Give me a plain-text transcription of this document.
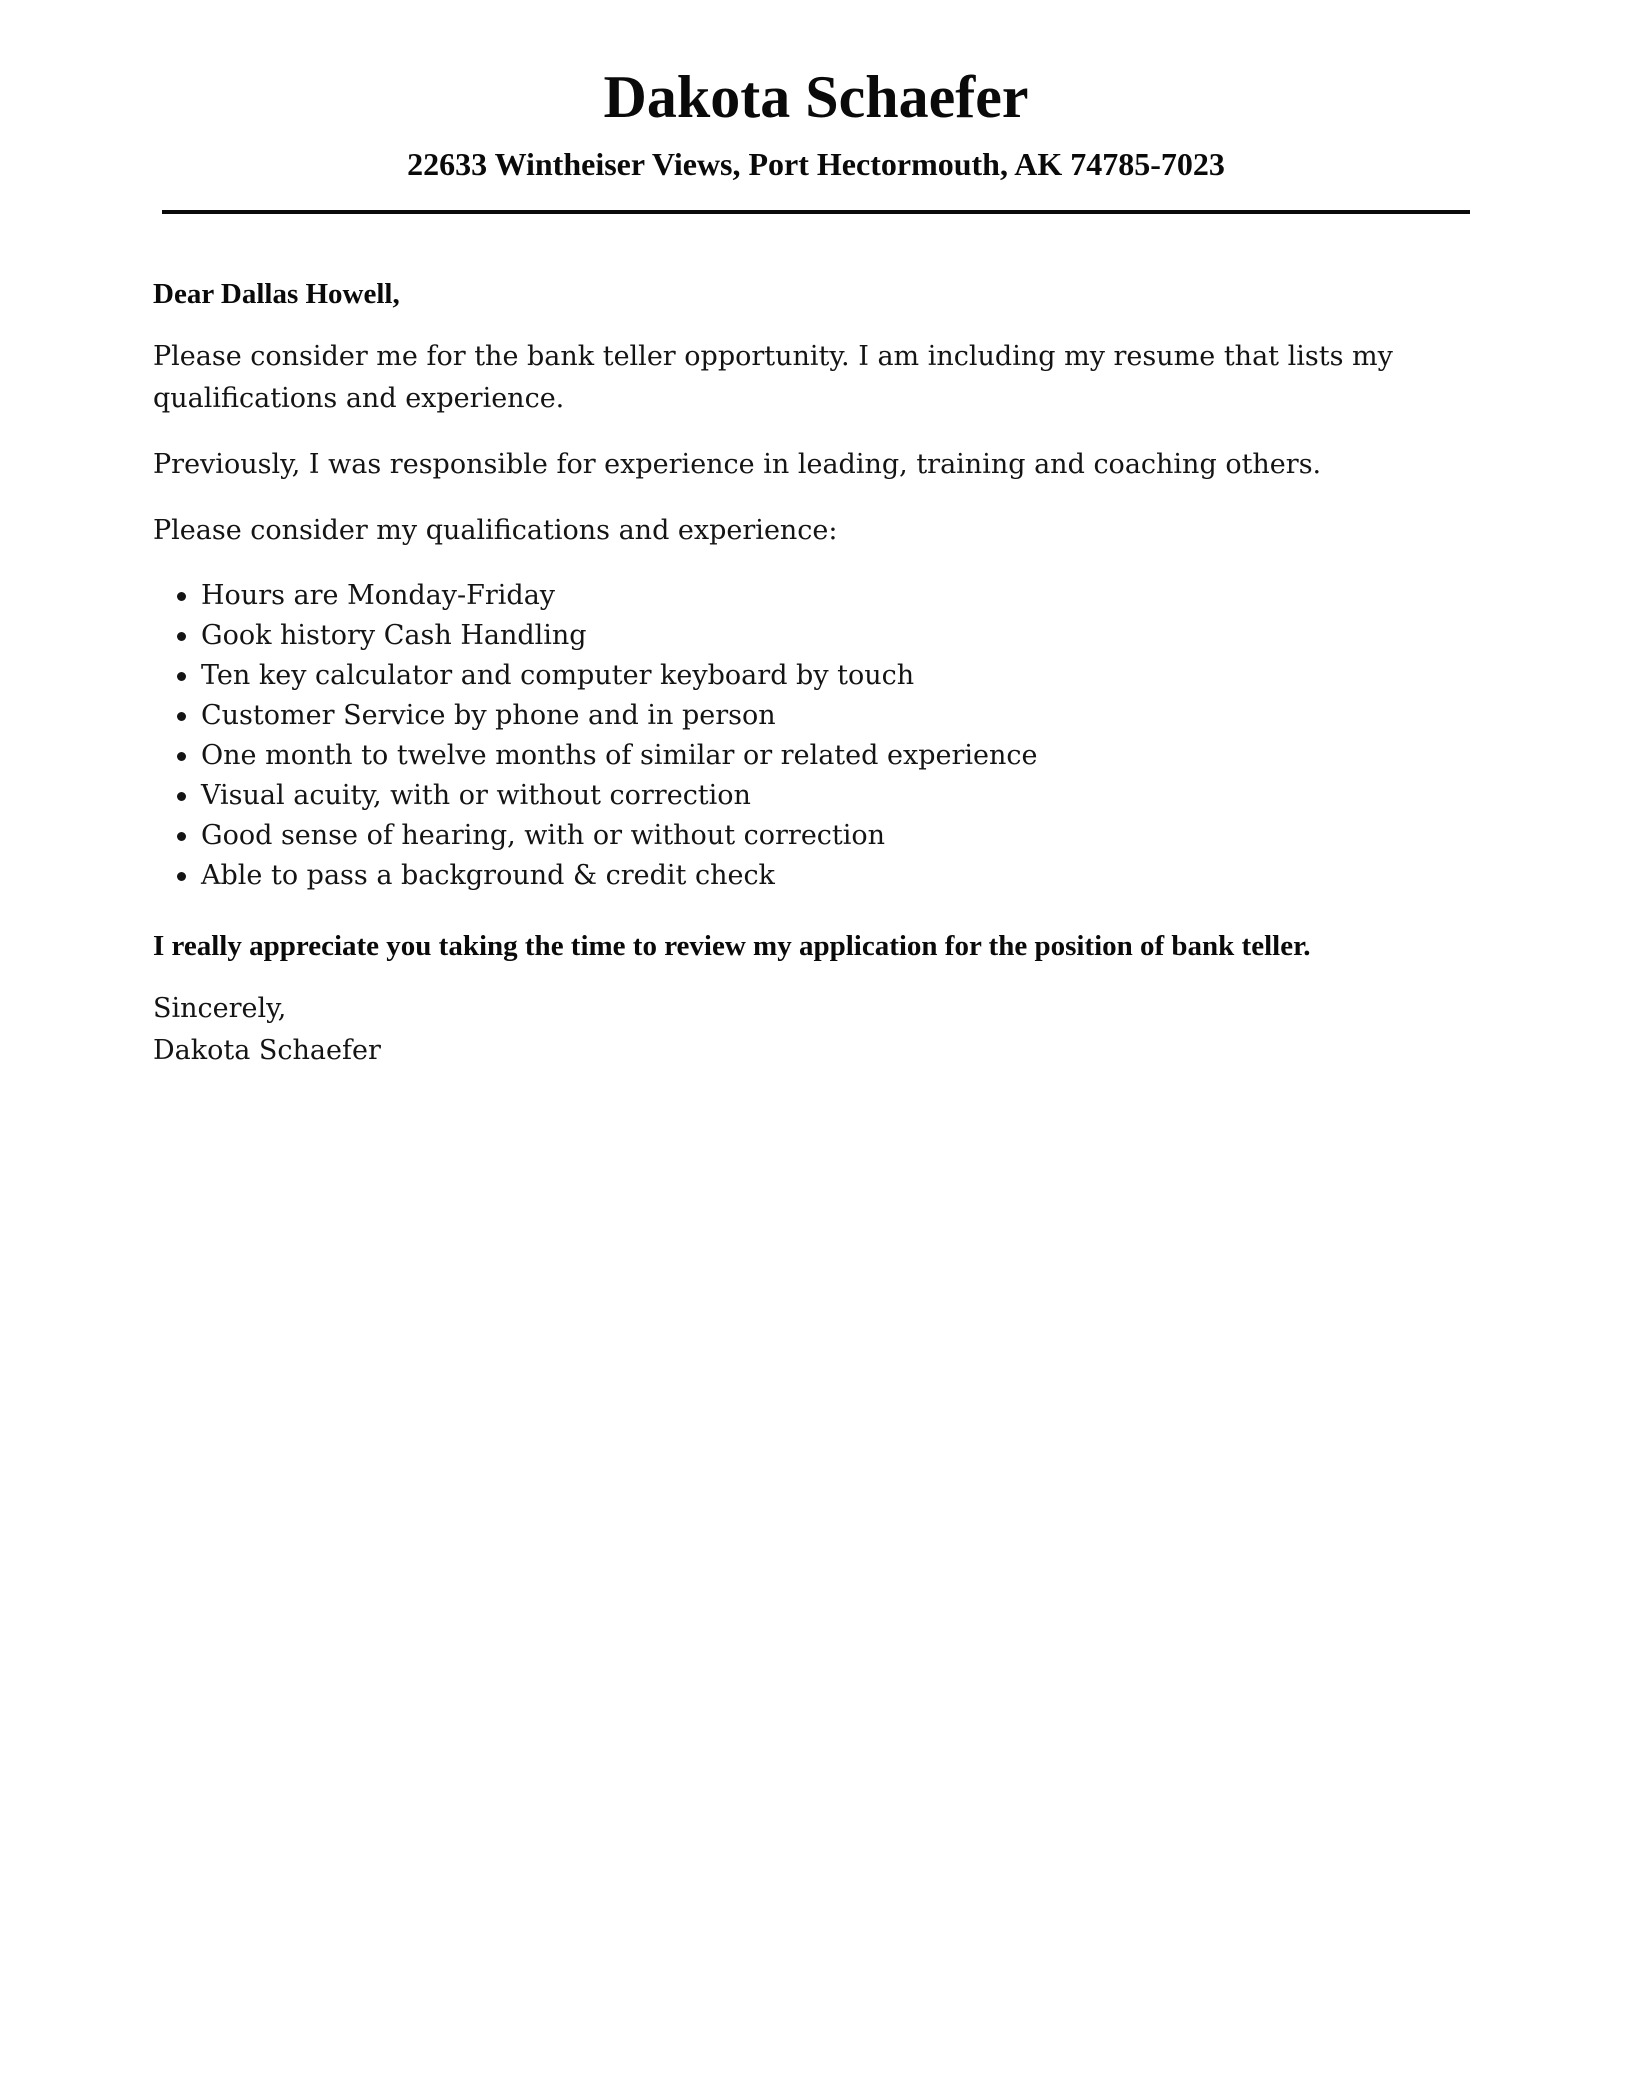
Dakota Schaefer
22633 Wintheiser Views, Port Hectormouth, AK 74785-7023

Dear Dallas Howell,

Please consider me for the bank teller opportunity. I am including my resume that lists my qualifications and experience.

Previously, I was responsible for experience in leading, training and coaching others.

Please consider my qualifications and experience:

Hours are Monday-Friday
Gook history Cash Handling
Ten key calculator and computer keyboard by touch
Customer Service by phone and in person
One month to twelve months of similar or related experience
Visual acuity, with or without correction
Good sense of hearing, with or without correction
Able to pass a background & credit check

I really appreciate you taking the time to review my application for the position of bank teller.

Sincerely,
Dakota Schaefer
